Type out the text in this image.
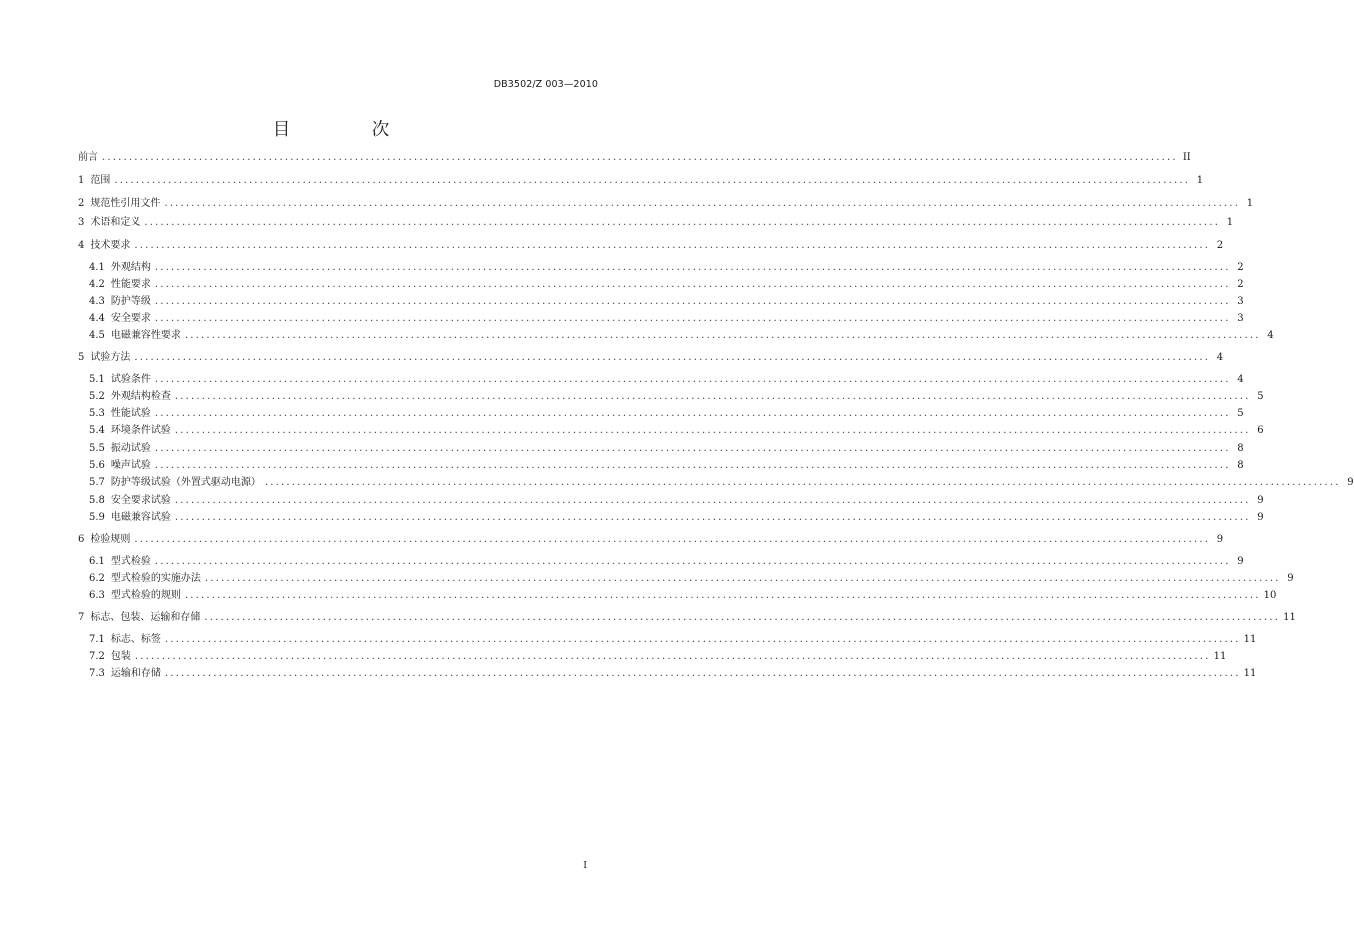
DB3502/Z 003—2010
目 次
前言 ........................................................................................................................................................................................................ II
1 范围 ........................................................................................................................................................................................................ 1
2 规范性引用文件 ........................................................................................................................................................................................................ 1
3 术语和定义 ........................................................................................................................................................................................................ 1
4 技术要求 ........................................................................................................................................................................................................ 2
4.1 外观结构 ........................................................................................................................................................................................................ 2
4.2 性能要求 ........................................................................................................................................................................................................ 2
4.3 防护等级 ........................................................................................................................................................................................................ 3
4.4 安全要求 ........................................................................................................................................................................................................ 3
4.5 电磁兼容性要求 ........................................................................................................................................................................................................ 4
5 试验方法 ........................................................................................................................................................................................................ 4
5.1 试验条件 ........................................................................................................................................................................................................ 4
5.2 外观结构检查 ........................................................................................................................................................................................................ 5
5.3 性能试验 ........................................................................................................................................................................................................ 5
5.4 环境条件试验 ........................................................................................................................................................................................................ 6
5.5 振动试验 ........................................................................................................................................................................................................ 8
5.6 噪声试验 ........................................................................................................................................................................................................ 8
5.7 防护等级试验（外置式驱动电源） ........................................................................................................................................................................................................ 9
5.8 安全要求试验 ........................................................................................................................................................................................................ 9
5.9 电磁兼容试验 ........................................................................................................................................................................................................ 9
6 检验规则 ........................................................................................................................................................................................................ 9
6.1 型式检验 ........................................................................................................................................................................................................ 9
6.2 型式检验的实施办法 ........................................................................................................................................................................................................ 9
6.3 型式检验的规则 ........................................................................................................................................................................................................ 10
7 标志、包装、运输和存储 ........................................................................................................................................................................................................ 11
7.1 标志、标签 ........................................................................................................................................................................................................ 11
7.2 包装 ........................................................................................................................................................................................................ 11
7.3 运输和存储 ........................................................................................................................................................................................................ 11
I
